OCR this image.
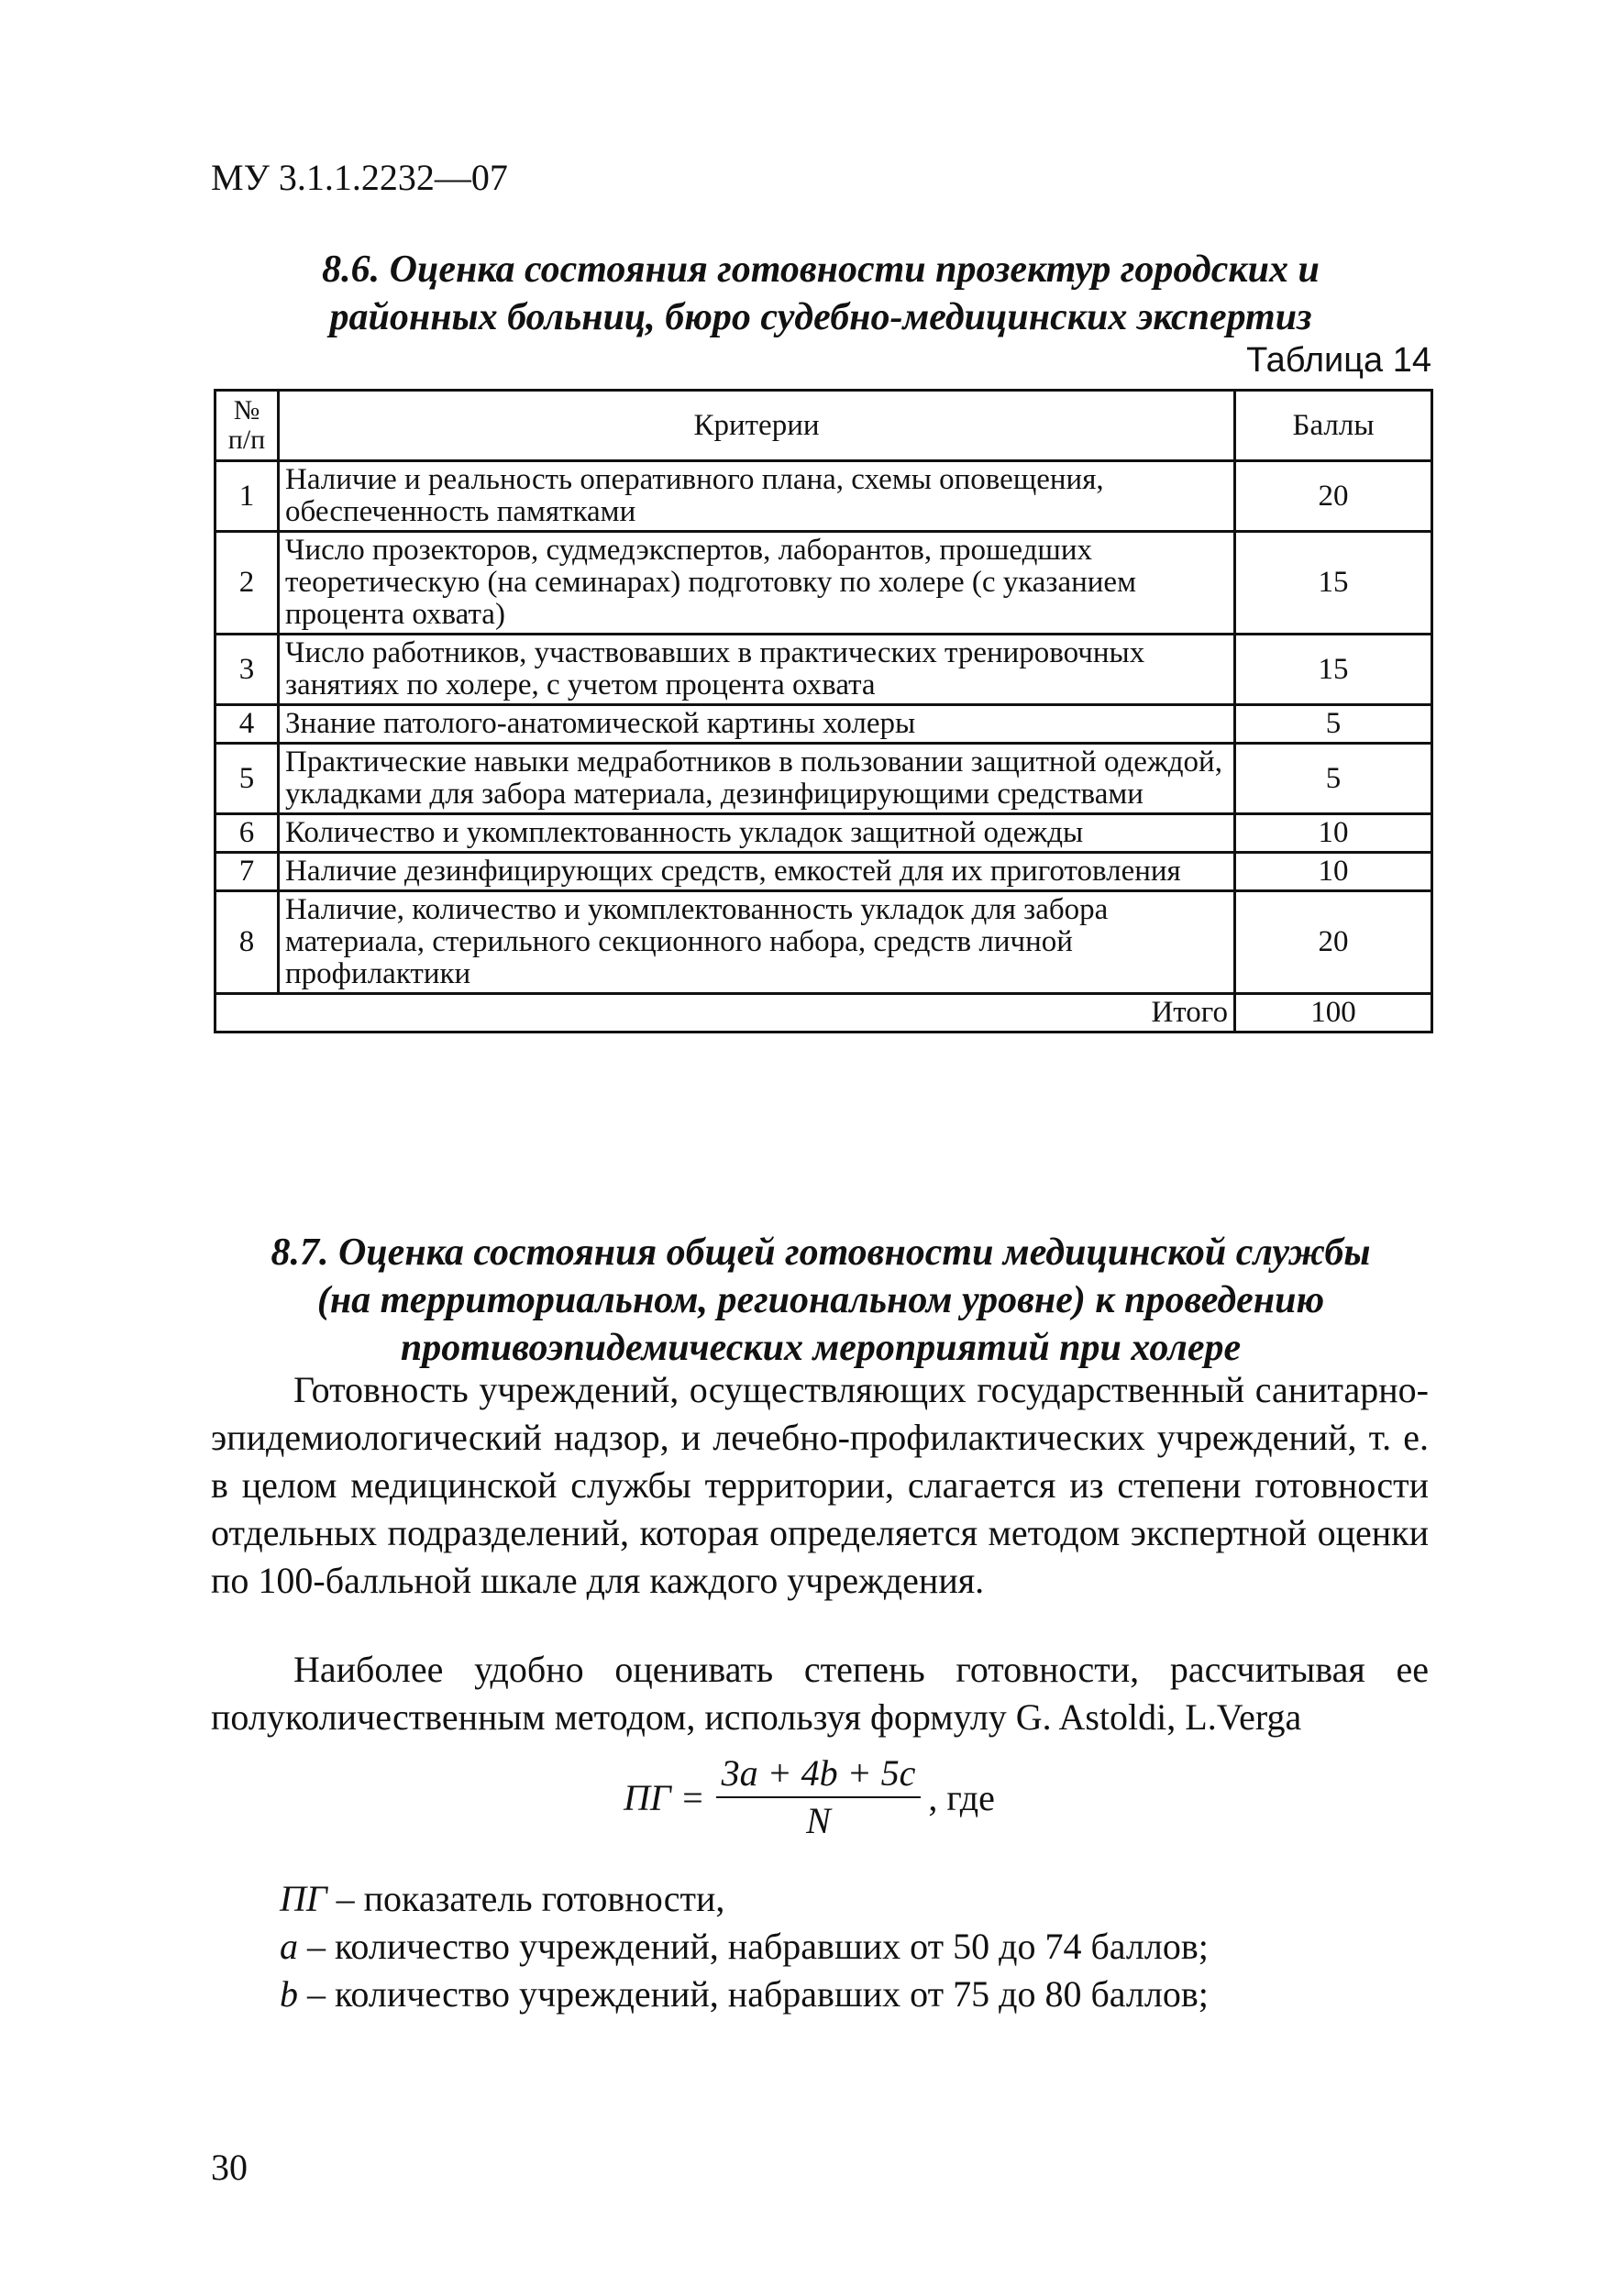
МУ 3.1.1.2232—07
8.6. Оценка состояния готовности прозектур городских и
районных больниц, бюро судебно-медицинских экспертиз
Таблица 14
№ п/п	Критерии	Баллы
1	Наличие и реальность оперативного плана, схемы оповещения, обеспеченность памятками	20
2	Число прозекторов, судмедэкспертов, лаборантов, прошедших теоретическую (на семинарах) подготовку по холере (с указанием процента охвата)	15
3	Число работников, участвовавших в практических тренировочных занятиях по холере, с учетом процента охвата	15
4	Знание патолого-анатомической картины холеры	5
5	Практические навыки медработников в пользовании защитной одеждой, укладками для забора материала, дезинфицирующими средствами	5
6	Количество и укомплектованность укладок защитной одежды	10
7	Наличие дезинфицирующих средств, емкостей для их приготовления	10
8	Наличие, количество и укомплектованность укладок для забора материала, стерильного секционного набора, средств личной профилактики	20
Итого		100
8.7. Оценка состояния общей готовности медицинской службы
(на территориальном, региональном уровне) к проведению
противоэпидемических мероприятий при холере
Готовность учреждений, осуществляющих государственный санитарно-эпидемиологический надзор, и лечебно-профилактических учреждений, т. е. в целом медицинской службы территории, слагается из степени готовности отдельных подразделений, которая определяется методом экспертной оценки по 100-балльной шкале для каждого учреждения.
Наиболее удобно оценивать степень готовности, рассчитывая ее полуколичественным методом, используя формулу G. Astoldi, L.Verga
ПГ = $\frac{3a + 4b + 5c}{N}$ , где
ПГ – показатель готовности,
a – количество учреждений, набравших от 50 до 74 баллов;
b – количество учреждений, набравших от 75 до 80 баллов;
30
